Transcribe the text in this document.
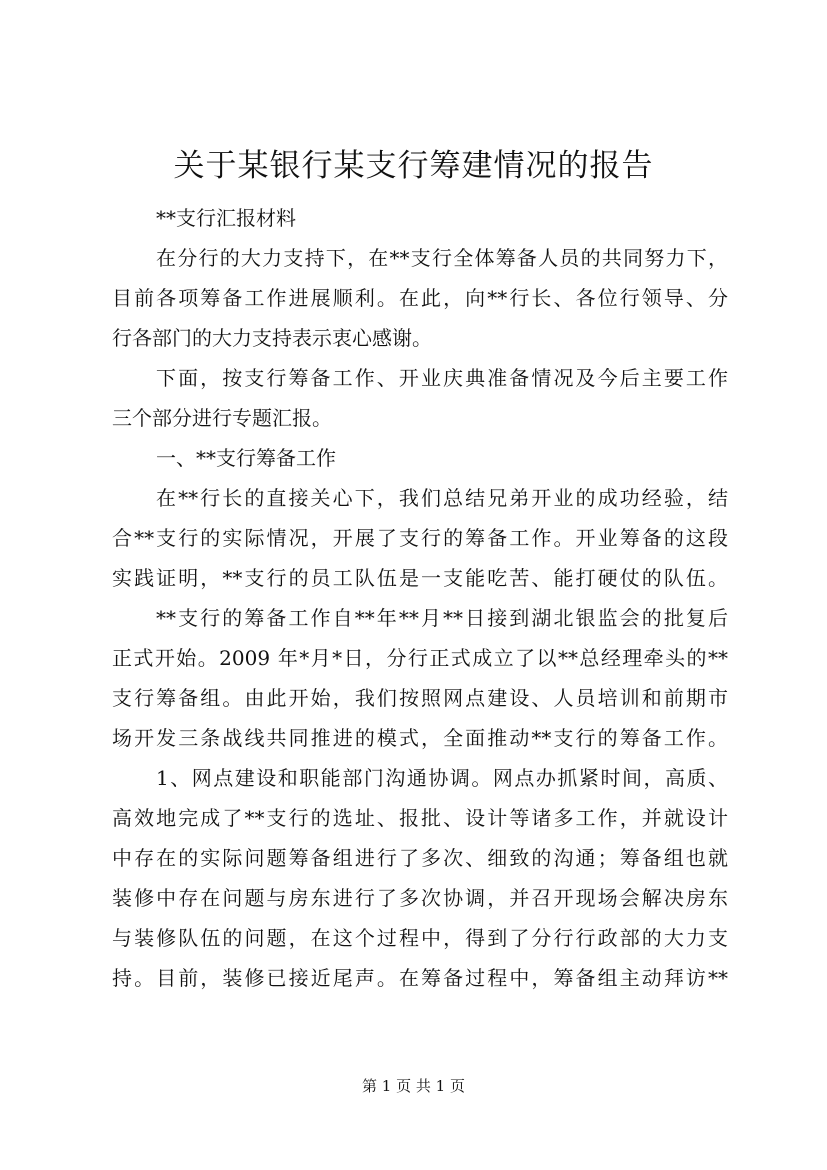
关于某银行某支行筹建情况的报告
**支行汇报材料
在分行的大力支持下，在**支行全体筹备人员的共同努力下，
目前各项筹备工作进展顺利。在此，向**行长、各位行领导、分
行各部门的大力支持表示衷心感谢。
下面，按支行筹备工作、开业庆典准备情况及今后主要工作
三个部分进行专题汇报。
一、**支行筹备工作
在**行长的直接关心下，我们总结兄弟开业的成功经验，结
合**支行的实际情况，开展了支行的筹备工作。开业筹备的这段
实践证明，**支行的员工队伍是一支能吃苦、能打硬仗的队伍。
**支行的筹备工作自**年**月**日接到湖北银监会的批复后
正式开始。2009 年*月*日，分行正式成立了以**总经理牵头的**
支行筹备组。由此开始，我们按照网点建设、人员培训和前期市
场开发三条战线共同推进的模式，全面推动**支行的筹备工作。
1、网点建设和职能部门沟通协调。网点办抓紧时间，高质、
高效地完成了**支行的选址、报批、设计等诸多工作，并就设计
中存在的实际问题筹备组进行了多次、细致的沟通；筹备组也就
装修中存在问题与房东进行了多次协调，并召开现场会解决房东
与装修队伍的问题，在这个过程中，得到了分行行政部的大力支
持。目前，装修已接近尾声。在筹备过程中，筹备组主动拜访**
第 1 页 共 1 页
